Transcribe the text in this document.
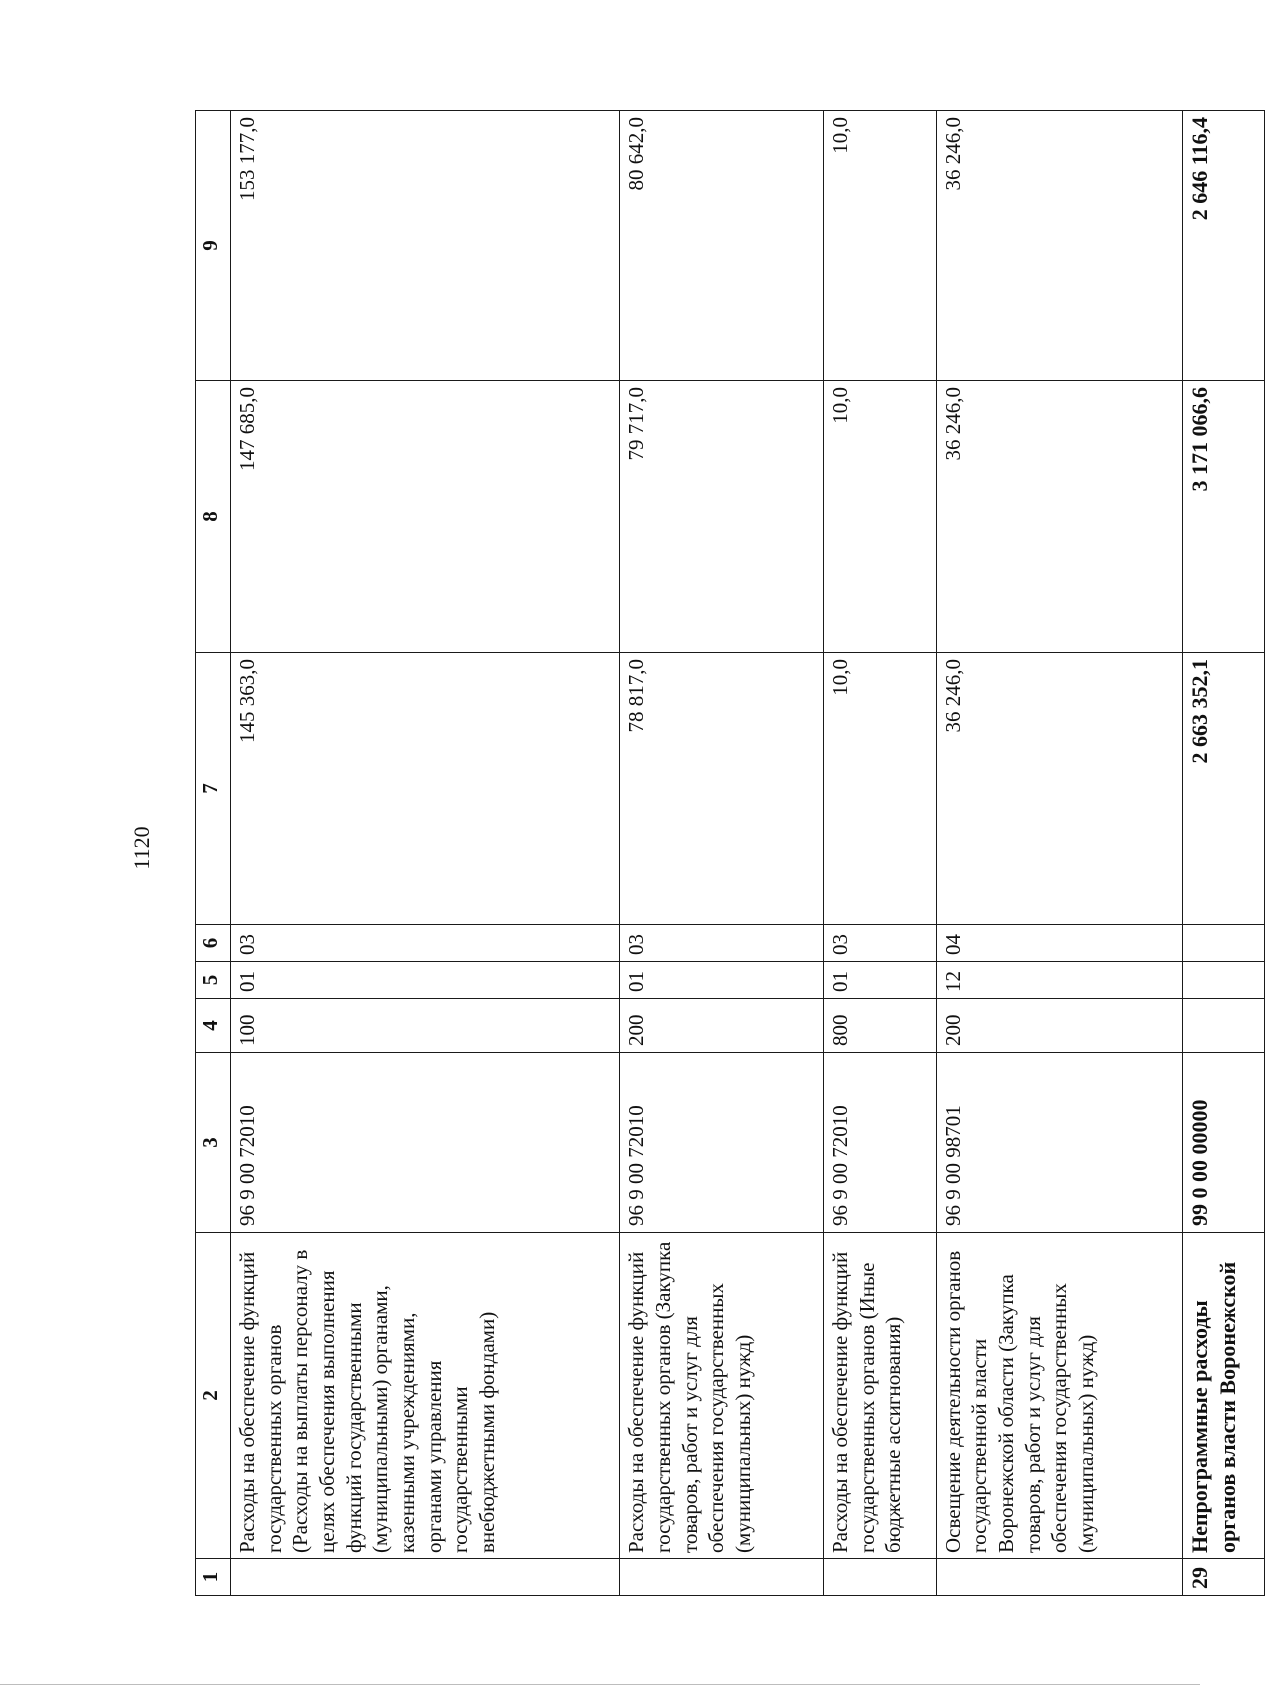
1120
1	2	3	4	5	6	7	8	9
	Расходы на обеспечение функций государственных органов (Расходы на выплаты персоналу в целях обеспечения выполнения функций государственными (муниципальными) органами, казенными учреждениями, органами управления государственными внебюджетными фондами)	96 9 00 72010	100	01	03	145 363,0	147 685,0	153 177,0
	Расходы на обеспечение функций государственных органов (Закупка товаров, работ и услуг для обеспечения государственных (муниципальных) нужд)	96 9 00 72010	200	01	03	78 817,0	79 717,0	80 642,0
	Расходы на обеспечение функций государственных органов (Иные бюджетные ассигнования)	96 9 00 72010	800	01	03	10,0	10,0	10,0
	Освещение деятельности органов государственной власти Воронежской области (Закупка товаров, работ и услуг для обеспечения государственных (муниципальных) нужд)	96 9 00 98701	200	12	04	36 246,0	36 246,0	36 246,0
29	Непрограммные расходы органов власти Воронежской	99 0 00 00000				2 663 352,1	3 171 066,6	2 646 116,4
